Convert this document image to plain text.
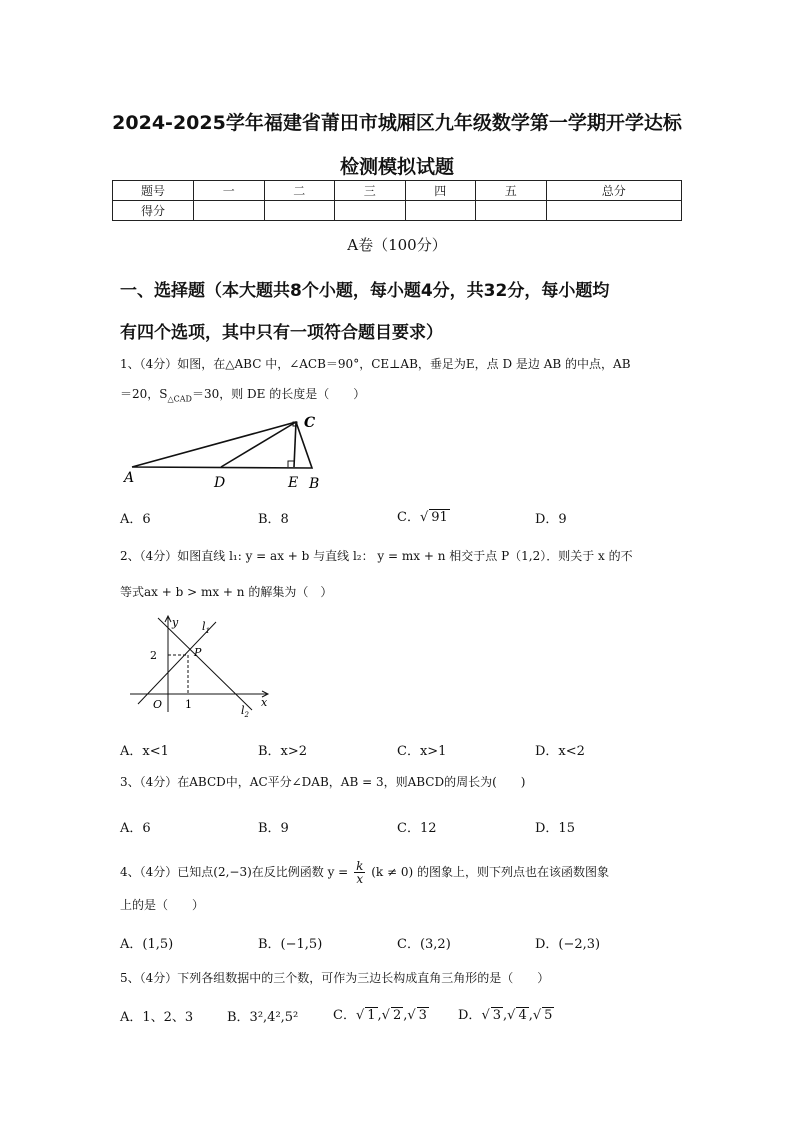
2024-2025学年福建省莆田市城厢区九年级数学第一学期开学达标
检测模拟试题
题号	一	二	三	四	五	总分
得分						
A卷（100分）
一、选择题（本大题共8个小题，每小题4分，共32分，每小题均
有四个选项，其中只有一项符合题目要求）
1、（4分）如图，在△ABC 中，∠ACB＝90°，CE⊥AB，垂足为E，点 D 是边 AB 的中点，AB
＝20，$S_{\triangle CAD}=30$，则 DE 的长度是（　　）
A	D	E B
C
A．6	B．8	C．√ 91	D．9
2、（4分）如图直线 l₁: y = ax + b 与直线 l₂： y = mx + n 相交于点 P（1,2）．则关于 x 的不
等式ax + b > mx + n 的解集为（　）
y
x
O
P
2
1
$l_1$
$l_2$
A．x<1	B．x>2	C．x>1	D．x<2
3、（4分）在ABCD中，AC平分∠DAB，AB = 3，则ABCD的周长为(　　)
A．6	B．9	C．12	D．15
4、（4分）已知点(2,−3)在反比例函数 $y = \frac{k}{x} (k \ne 0)$ 的图象上，则下列点也在该函数图象
上的是（　　）
A．(1,5)	B．(−1,5)	C．(3,2)	D．(−2,3)
5、（4分）下列各组数据中的三个数，可作为三边长构成直角三角形的是（　　）
A．1、2、3	B．3²,4²,5²	C．√ 1 ,√ 2 ,√ 3 D．√ 3 ,√ 4 ,√ 5
